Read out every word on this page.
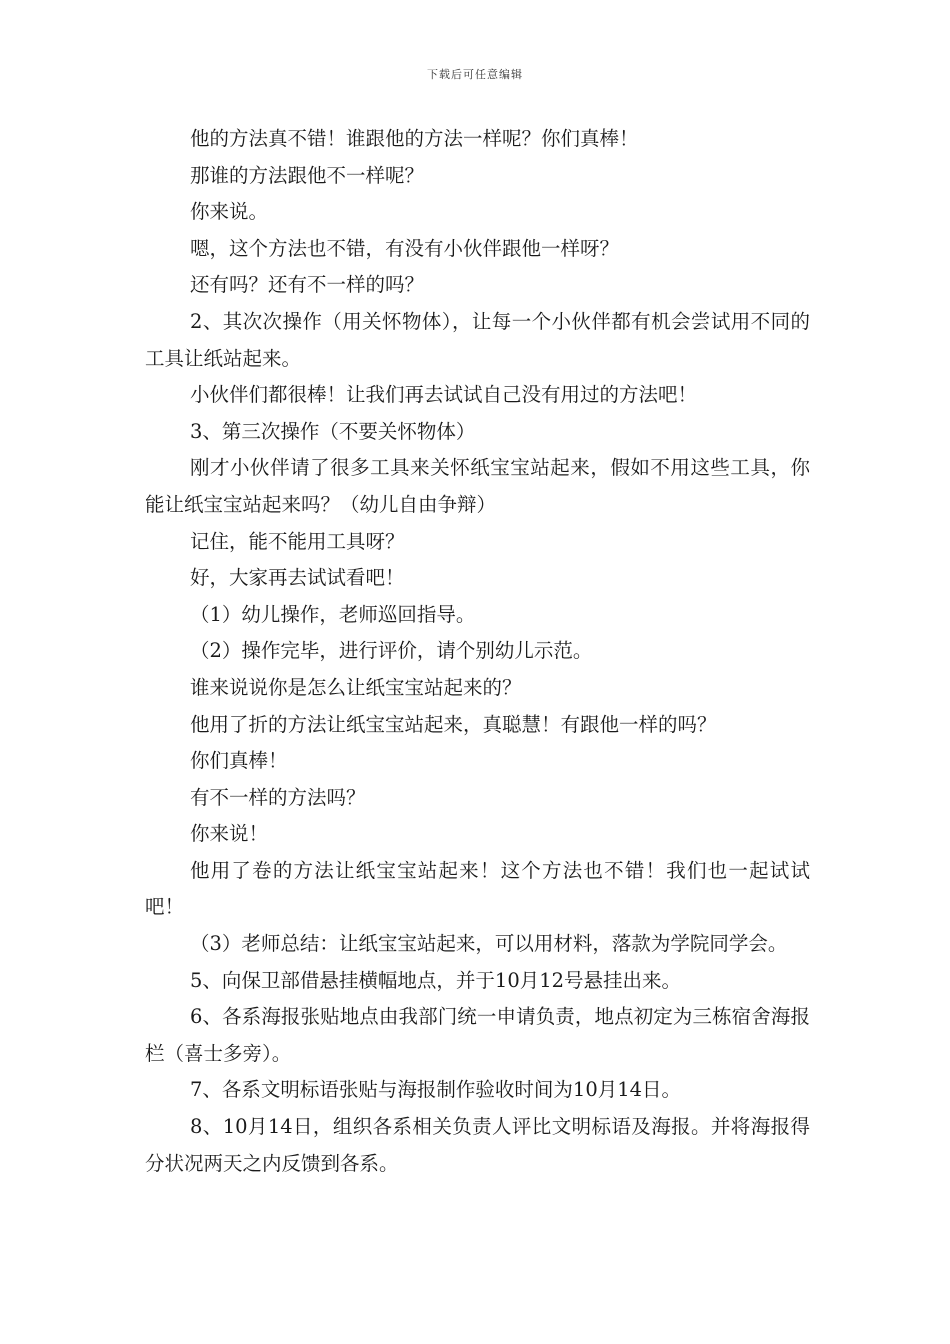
下载后可任意编辑

他的方法真不错！谁跟他的方法一样呢？你们真棒！

那谁的方法跟他不一样呢？

你来说。

嗯，这个方法也不错，有没有小伙伴跟他一样呀？

还有吗？还有不一样的吗？

2、其次次操作（用关怀物体），让每一个小伙伴都有机会尝试用不同的工具让纸站起来。

小伙伴们都很棒！让我们再去试试自己没有用过的方法吧！

3、第三次操作（不要关怀物体）

刚才小伙伴请了很多工具来关怀纸宝宝站起来，假如不用这些工具，你能让纸宝宝站起来吗？（幼儿自由争辩）

记住，能不能用工具呀？

好，大家再去试试看吧！

（1）幼儿操作，老师巡回指导。

（2）操作完毕，进行评价，请个别幼儿示范。

谁来说说你是怎么让纸宝宝站起来的？

他用了折的方法让纸宝宝站起来，真聪慧！有跟他一样的吗？

你们真棒！

有不一样的方法吗？

你来说！

他用了卷的方法让纸宝宝站起来！这个方法也不错！我们也一起试试吧！

（3）老师总结：让纸宝宝站起来，可以用材料，落款为学院同学会。

5、向保卫部借悬挂横幅地点，并于10月12号悬挂出来。

6、各系海报张贴地点由我部门统一申请负责，地点初定为三栋宿舍海报栏（喜士多旁）。

7、各系文明标语张贴与海报制作验收时间为10月14日。

8、10月14日，组织各系相关负责人评比文明标语及海报。并将海报得分状况两天之内反馈到各系。
